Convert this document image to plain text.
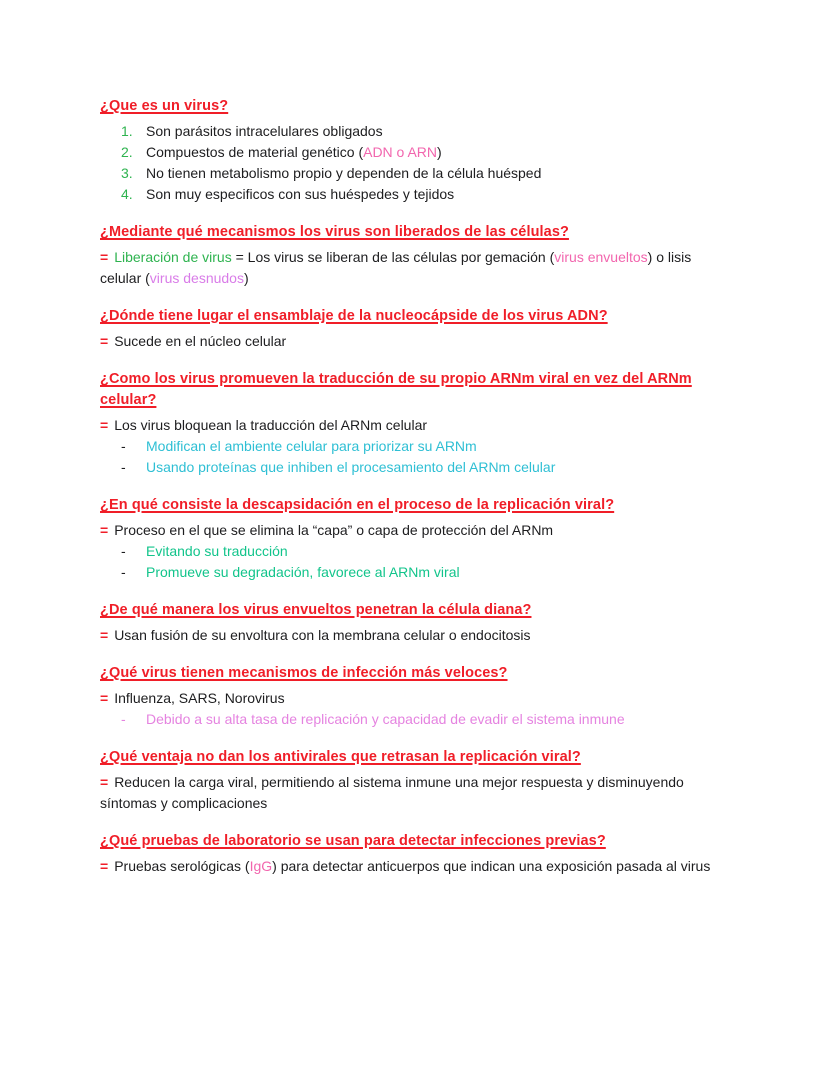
¿Que es un virus?
1. Son parásitos intracelulares obligados
2. Compuestos de material genético (ADN o ARN)
3. No tienen metabolismo propio y dependen de la célula huésped
4. Son muy especificos con sus huéspedes y tejidos
¿Mediante qué mecanismos los virus son liberados de las células?
= Liberación de virus = Los virus se liberan de las células por gemación (virus envueltos) o lisis celular (virus desnudos)
¿Dónde tiene lugar el ensamblaje de la nucleocápside de los virus ADN?
= Sucede en el núcleo celular
¿Como los virus promueven la traducción de su propio ARNm viral en vez del ARNm celular?
= Los virus bloquean la traducción del ARNm celular
-	Modifican el ambiente celular para priorizar su ARNm
-	Usando proteínas que inhiben el procesamiento del ARNm celular
¿En qué consiste la descapsidación en el proceso de la replicación viral?
= Proceso en el que se elimina la “capa” o capa de protección del ARNm
-	Evitando su traducción
-	Promueve su degradación, favorece al ARNm viral
¿De qué manera los virus envueltos penetran la célula diana?
= Usan fusión de su envoltura con la membrana celular o endocitosis
¿Qué virus tienen mecanismos de infección más veloces?
= Influenza, SARS, Norovirus
-	Debido a su alta tasa de replicación y capacidad de evadir el sistema inmune
¿Qué ventaja no dan los antivirales que retrasan la replicación viral?
= Reducen la carga viral, permitiendo al sistema inmune una mejor respuesta y disminuyendo síntomas y complicaciones
¿Qué pruebas de laboratorio se usan para detectar infecciones previas?
= Pruebas serológicas (IgG) para detectar anticuerpos que indican una exposición pasada al virus
